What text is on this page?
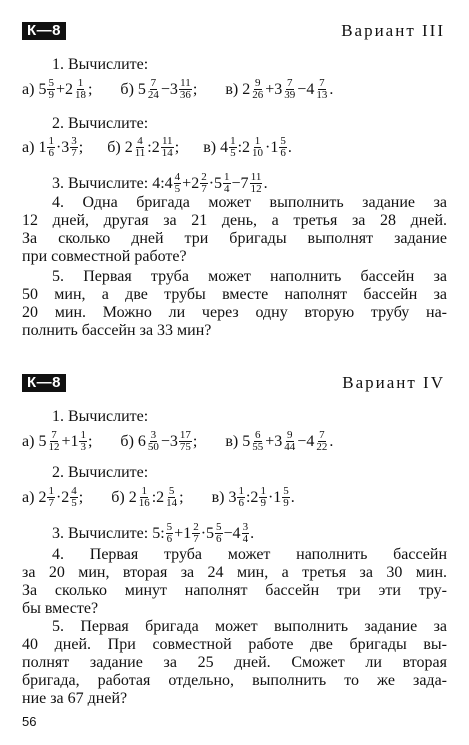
К—8	Вариант III
1. Вычислите:
а) 5 5
9 +2 1
18 ; б) 5 7
24 −3 11
36 ; в) 2 9
26 +3 7
39 −4 7
13 .
2. Вычислите:
а) 1 1
6 ·3 3
7 ; б) 2 4
11 :2 11
14 ; в) 4 1
5 :2 1
10 ·1 5
6 .
3. Вычислите: 4:4 4
5 +2 2
7 ·5 1
4 −7 11
12 .
4. Одна бригада может выполнить задание за
12 дней, другая за 21 день, а третья за 28 дней.
За сколько дней три бригады выполнят задание
при совместной работе?
5. Первая труба может наполнить бассейн за
50 мин, а две трубы вместе наполнят бассейн за
20 мин. Можно ли через одну вторую трубу на-
полнить бассейн за 33 мин?
К—8	Вариант IV
1. Вычислите:
а) 5 7
12 +1 1
3 ; б) 6 3
50 −3 17
75 ; в) 5 6
55 +3 9
44 −4 7
22 .
2. Вычислите:
а) 2 1
7 ·2 4
5 ; б) 2 1
16 :2 5
14 ; в) 3 1
6 :2 1
9 ·1 5
9 .
3. Вычислите: 5: 5
6 +1 2
7 ·5 5
6 −4 3
4 .
4. Первая труба может наполнить бассейн
за 20 мин, вторая за 24 мин, а третья за 30 мин.
За сколько минут наполнят бассейн три эти тру-
бы вместе?
5. Первая бригада может выполнить задание за
40 дней. При совместной работе две бригады вы-
полнят задание за 25 дней. Сможет ли вторая
бригада, работая отдельно, выполнить то же зада-
ние за 67 дней?
56
